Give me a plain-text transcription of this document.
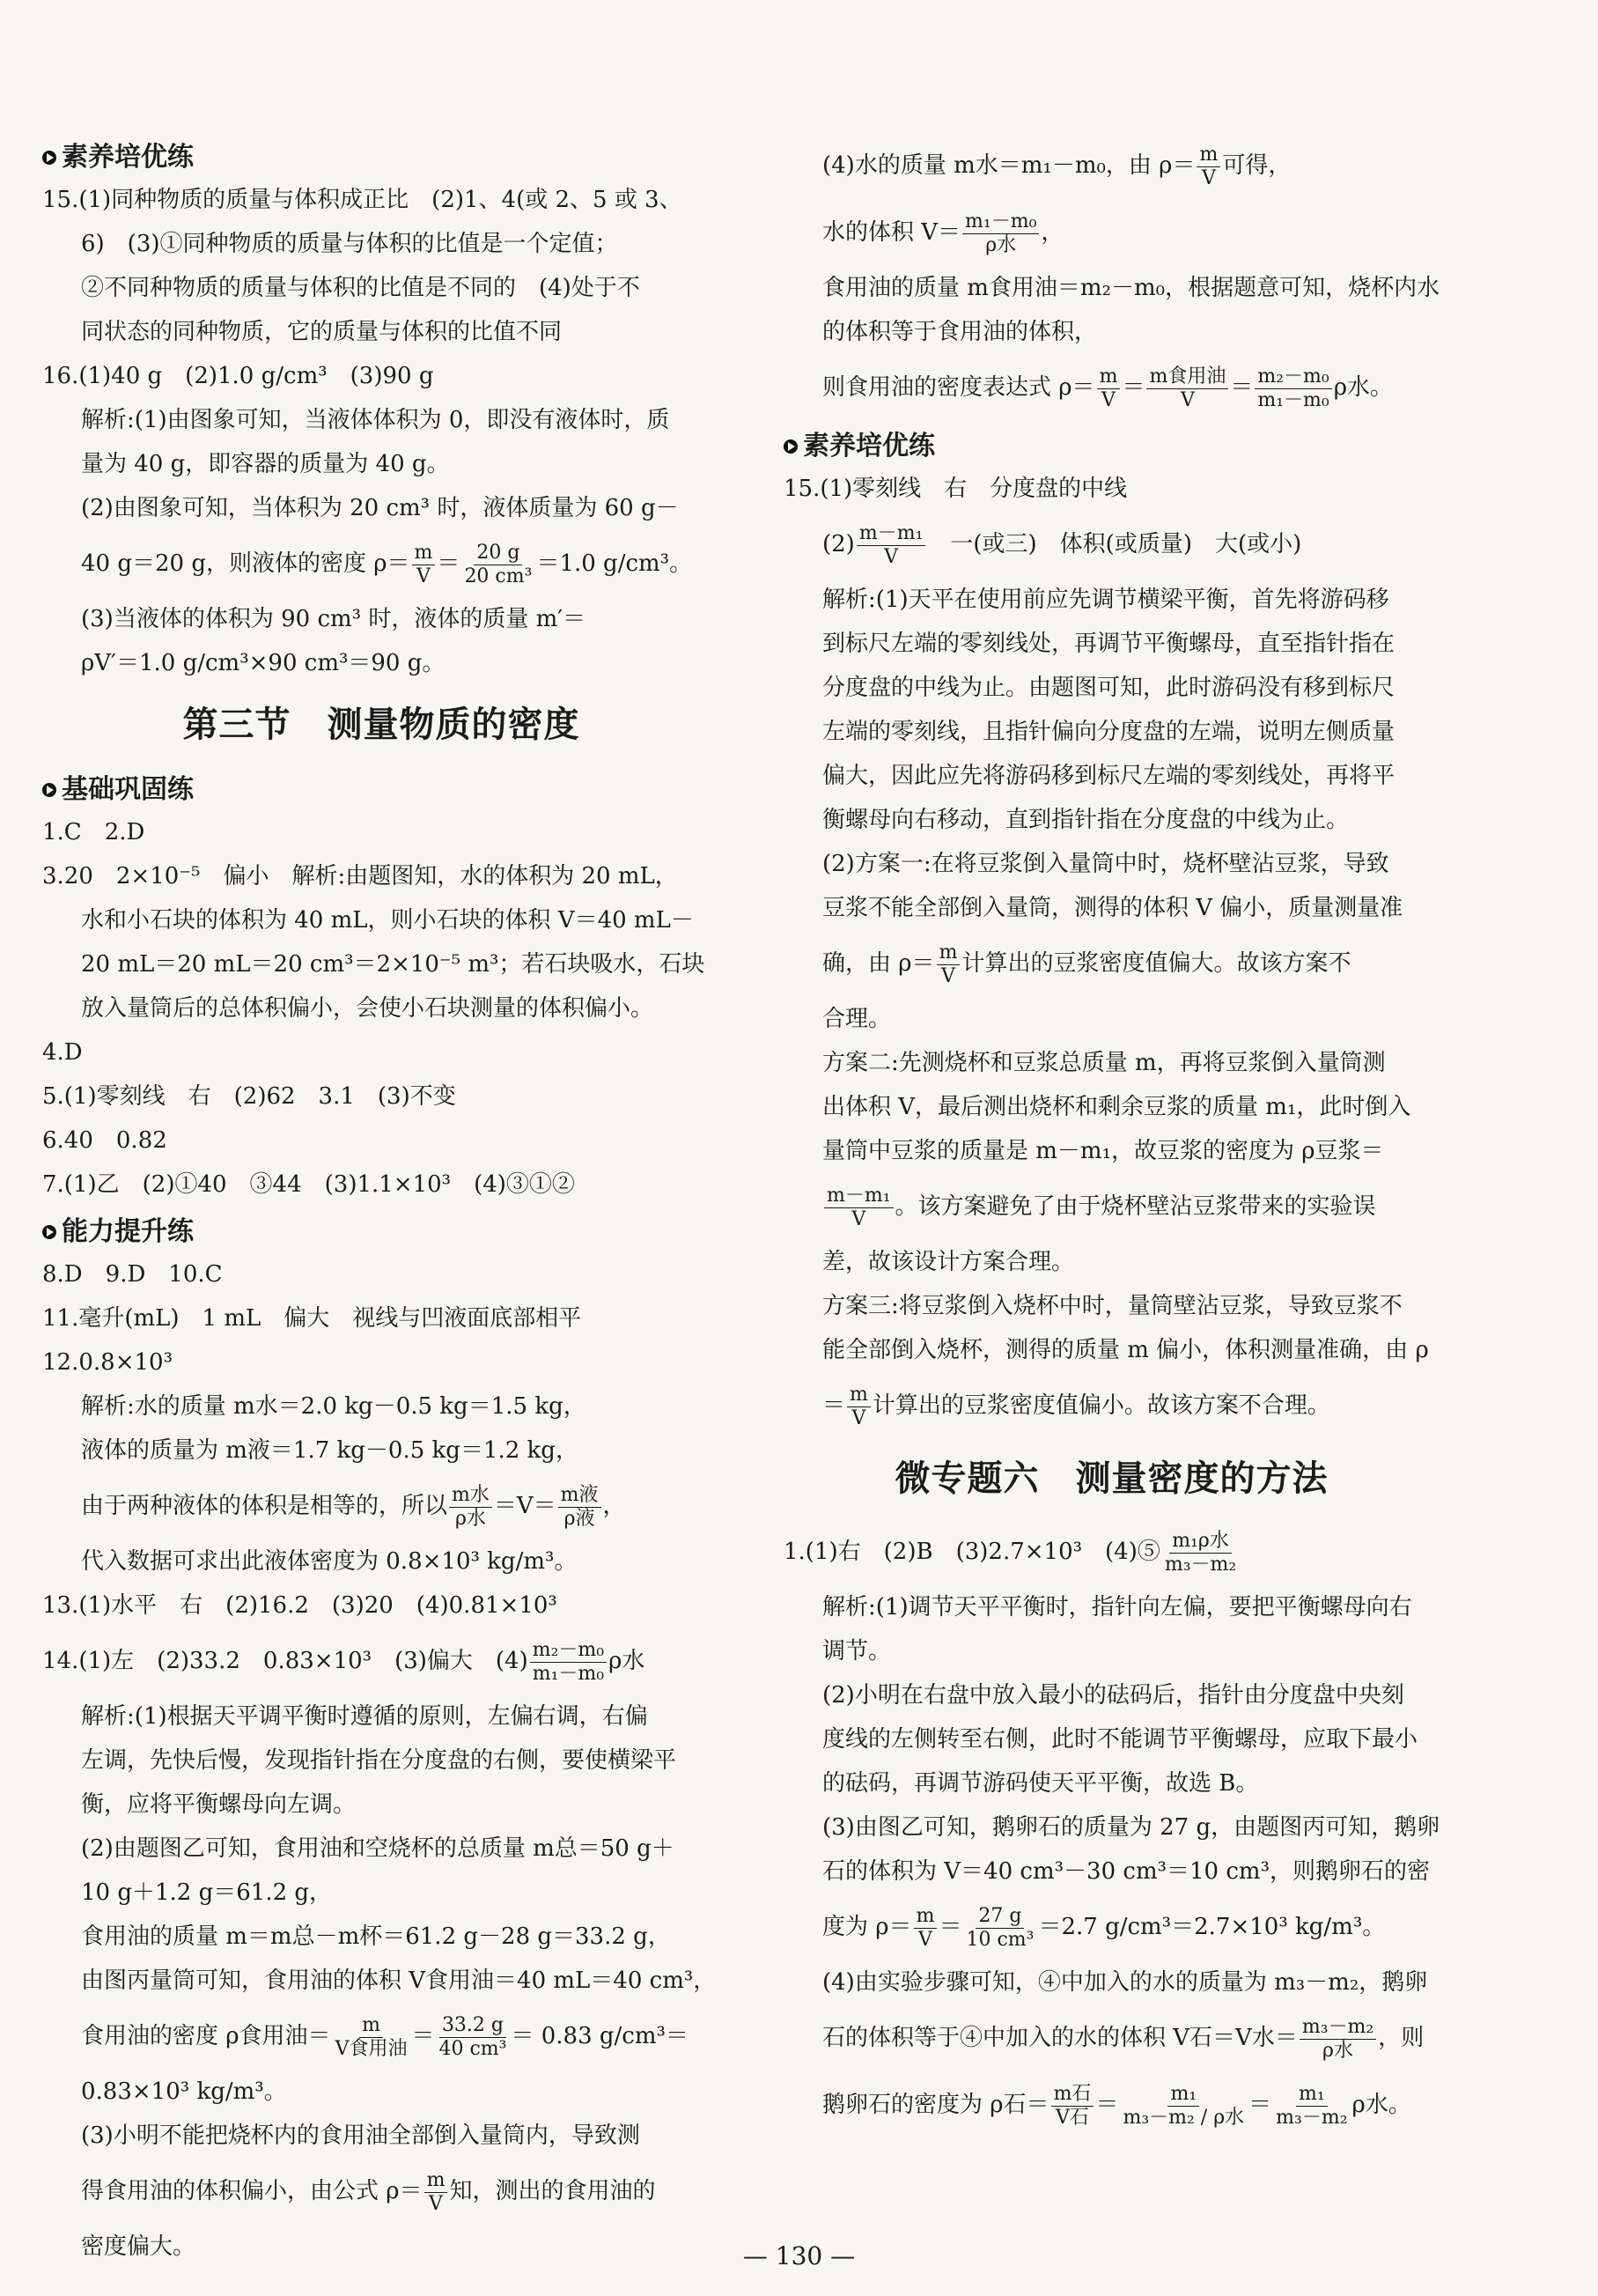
素养培优练
15.(1)同种物质的质量与体积成正比　(2)1、4(或 2、5 或 3、
6)　(3)①同种物质的质量与体积的比值是一个定值；
②不同种物质的质量与体积的比值是不同的　(4)处于不
同状态的同种物质，它的质量与体积的比值不同
16.(1)40 g　(2)1.0 g/cm³　(3)90 g
解析:(1)由图象可知，当液体体积为 0，即没有液体时，质
量为 40 g，即容器的质量为 40 g。
(2)由图象可知，当体积为 20 cm³ 时，液体质量为 60 g－
40 g＝20 g，则液体的密度 $\rho= \frac{m}{V} = \frac{20 g}{\text{20 cm³}} =1.0$ g/cm³。
(3)当液体的体积为 90 cm³ 时，液体的质量 m′＝
ρV′＝1.0 g/cm³×90 cm³＝90 g。
第三节　测量物质的密度
基础巩固练
1.C　2.D
3.20　2×10⁻⁵　偏小　解析:由题图知，水的体积为 20 mL，
水和小石块的体积为 40 mL，则小石块的体积 V＝40 mL－
20 mL＝20 mL＝20 cm³＝2×10⁻⁵ m³；若石块吸水，石块
放入量筒后的总体积偏小，会使小石块测量的体积偏小。
4.D
5.(1)零刻线　右　(2)62　3.1　(3)不变
6.40　0.82
7.(1)乙　(2)①40　③44　(3)1.1×10³　(4)③①②
能力提升练
8.D　9.D　10.C
11.毫升(mL)　1 mL　偏大　视线与凹液面底部相平
12.0.8×10³
解析:水的质量 m水＝2.0 kg－0.5 kg＝1.5 kg，
液体的质量为 m液＝1.7 kg－0.5 kg＝1.2 kg，
由于两种液体的体积是相等的，所以 $\frac{\text{m水}}{\text{ρ水}} =V= \frac{\text{m液}}{\text{ρ液}}$ ，
代入数据可求出此液体密度为 0.8×10³ kg/m³。
13.(1)水平　右　(2)16.2　(3)20　(4)0.81×10³
14.(1)左　(2)33.2　0.83×10³　(3)偏大　$(4) \frac{\text{m₂－m₀}}{\text{m₁－m₀}}$ ρ水
解析:(1)根据天平调平衡时遵循的原则，左偏右调，右偏
左调，先快后慢，发现指针指在分度盘的右侧，要使横梁平
衡，应将平衡螺母向左调。
(2)由题图乙可知，食用油和空烧杯的总质量 m总＝50 g＋
10 g＋1.2 g＝61.2 g，
食用油的质量 m＝m总－m杯＝61.2 g－28 g＝33.2 g，
由图丙量筒可知，食用油的体积 V食用油＝40 mL＝40 cm³，
食用油的密度 ρ食用油＝ $\frac{m}{\text{V食用油}} = \frac{33.2 g}{\text{40 cm³}} = 0.83$ g/cm³＝
0.83×10³ kg/m³。
(3)小明不能把烧杯内的食用油全部倒入量筒内，导致测
得食用油的体积偏小，由公式 $\rho= \frac{m}{V}$ 知，测出的食用油的
密度偏大。
(4)水的质量 m水＝m₁－m₀，由 $\rho= \frac{m}{V}$ 可得，
水的体积 $V= \frac{\text{m₁－m₀}}{\text{ρ水}}$ ，
食用油的质量 m食用油＝m₂－m₀，根据题意可知，烧杯内水
的体积等于食用油的体积，
则食用油的密度表达式 $\rho= \frac{m}{V} = \frac{\text{m食用油}}{V} = \frac{\text{m₂－m₀}}{\text{m₁－m₀}}$ ρ水。
素养培优练
15.(1)零刻线　右　分度盘的中线
$(2) \frac{\text{m－m₁}}{V}$ 　一(或三)　体积(或质量)　大(或小)
解析:(1)天平在使用前应先调节横梁平衡，首先将游码移
到标尺左端的零刻线处，再调节平衡螺母，直至指针指在
分度盘的中线为止。由题图可知，此时游码没有移到标尺
左端的零刻线，且指针偏向分度盘的左端，说明左侧质量
偏大，因此应先将游码移到标尺左端的零刻线处，再将平
衡螺母向右移动，直到指针指在分度盘的中线为止。
(2)方案一:在将豆浆倒入量筒中时，烧杯壁沾豆浆，导致
豆浆不能全部倒入量筒，测得的体积 V 偏小，质量测量准
确，由 $\rho= \frac{m}{V}$ 计算出的豆浆密度值偏大。故该方案不
合理。
方案二:先测烧杯和豆浆总质量 m，再将豆浆倒入量筒测
出体积 V，最后测出烧杯和剩余豆浆的质量 m₁，此时倒入
量筒中豆浆的质量是 m－m₁，故豆浆的密度为 ρ豆浆＝
$\frac{\text{m－m₁}}{V}$ 。该方案避免了由于烧杯壁沾豆浆带来的实验误
差，故该设计方案合理。
方案三:将豆浆倒入烧杯中时，量筒壁沾豆浆，导致豆浆不
能全部倒入烧杯，测得的质量 m 偏小，体积测量准确，由 ρ
＝ $\frac{m}{V}$ 计算出的豆浆密度值偏小。故该方案不合理。
微专题六　测量密度的方法
1.(1)右　(2)B　(3)2.7×10³　(4)⑤ $\frac{\text{m₁ρ水}}{\text{m₃－m₂}}$
解析:(1)调节天平平衡时，指针向左偏，要把平衡螺母向右
调节。
(2)小明在右盘中放入最小的砝码后，指针由分度盘中央刻
度线的左侧转至右侧，此时不能调节平衡螺母，应取下最小
的砝码，再调节游码使天平平衡，故选 B。
(3)由图乙可知，鹅卵石的质量为 27 g，由题图丙可知，鹅卵
石的体积为 V＝40 cm³－30 cm³＝10 cm³，则鹅卵石的密
度为 $\rho= \frac{m}{V} = \frac{27 g}{\text{10 cm³}} =2.7$ g/cm³＝2.7×10³ kg/m³。
(4)由实验步骤可知，④中加入的水的质量为 m₃－m₂，鹅卵
石的体积等于④中加入的水的体积 V石＝V水＝ $\frac{\text{m₃－m₂}}{\text{ρ水}}$ ，则
鹅卵石的密度为 ρ石＝ $\frac{\text{m石}}{\text{V石}} = \frac{\text{m₁}}{\text{m₃－m₂ / ρ水}} = \frac{\text{m₁}}{\text{m₃－m₂}}$ ρ水。
— 130 —
